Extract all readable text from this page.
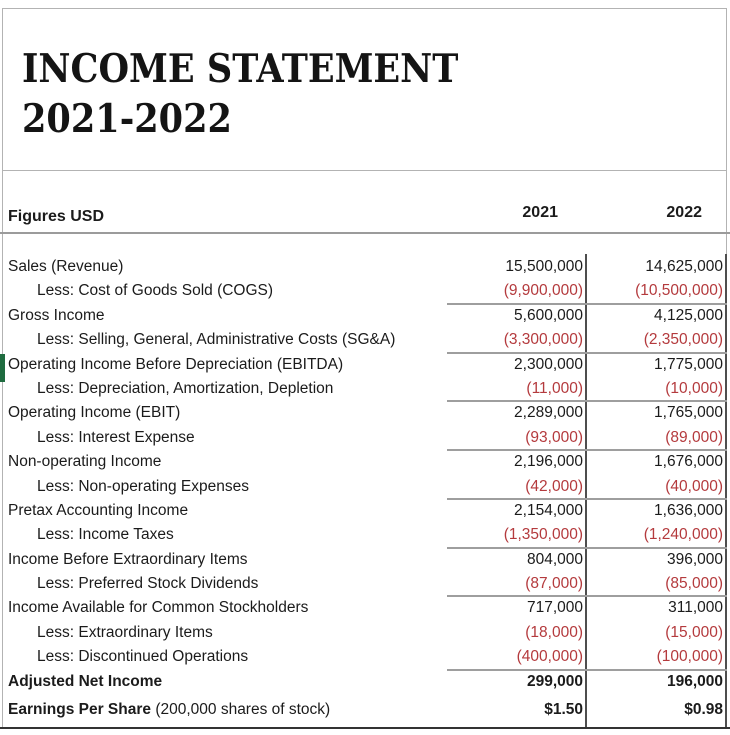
INCOME STATEMENT
2021-2022
Figures USD	2021	2022
Sales (Revenue)	15,500,000	14,625,000
Less: Cost of Goods Sold (COGS)	(9,900,000)	(10,500,000)
Gross Income	5,600,000	4,125,000
Less: Selling, General, Administrative Costs (SG&A)	(3,300,000)	(2,350,000)
Operating Income Before Depreciation (EBITDA)	2,300,000	1,775,000
Less: Depreciation, Amortization, Depletion	(11,000)	(10,000)
Operating Income (EBIT)	2,289,000	1,765,000
Less: Interest Expense	(93,000)	(89,000)
Non-operating Income	2,196,000	1,676,000
Less: Non-operating Expenses	(42,000)	(40,000)
Pretax Accounting Income	2,154,000	1,636,000
Less: Income Taxes	(1,350,000)	(1,240,000)
Income Before Extraordinary Items	804,000	396,000
Less: Preferred Stock Dividends	(87,000)	(85,000)
Income Available for Common Stockholders	717,000	311,000
Less: Extraordinary Items	(18,000)	(15,000)
Less: Discontinued Operations	(400,000)	(100,000)
Adjusted Net Income	299,000	196,000
Earnings Per Share (200,000 shares of stock)	$1.50	$0.98
